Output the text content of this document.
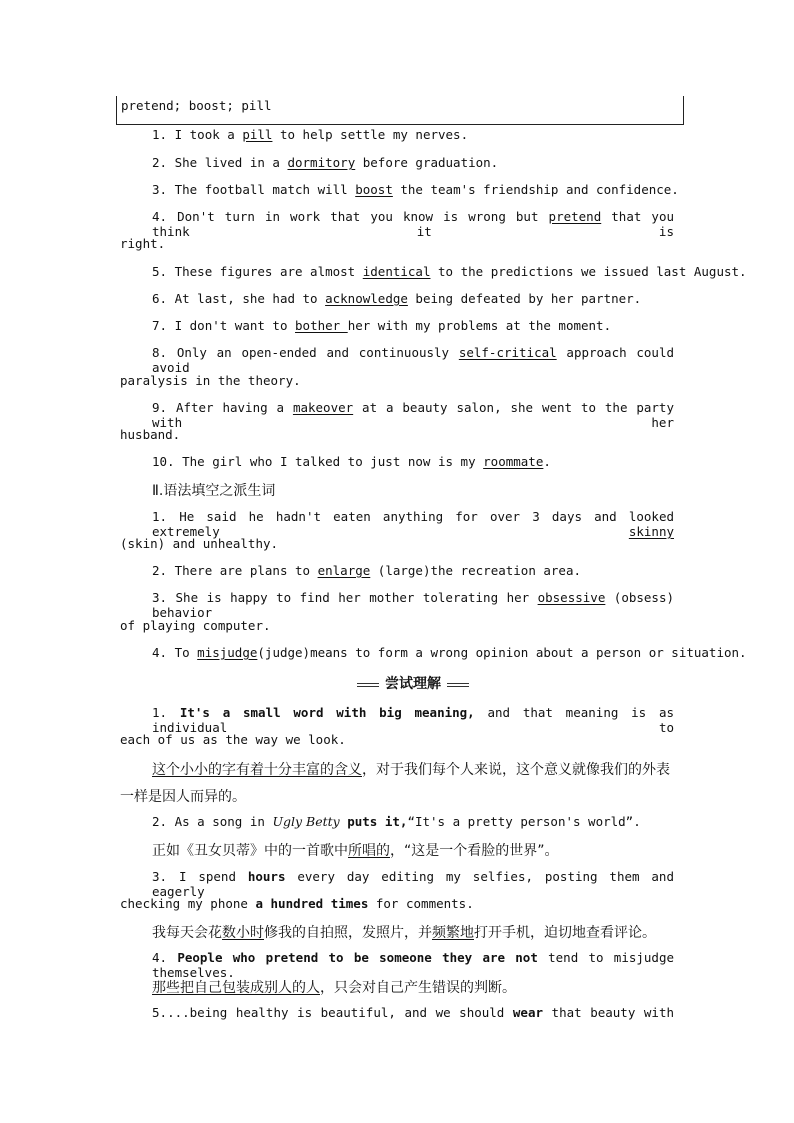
pretend; boost; pill
1. I took a pill to help settle my nerves.
2. She lived in a dormitory before graduation.
3. The football match will boost the team's friendship and confidence.
4. Don't turn in work that you know is wrong but pretend that you think it is
right.
5. These figures are almost identical to the predictions we issued last August.
6. At last, she had to acknowledge being defeated by her partner.
7. I don't want to bother her with my problems at the moment.
8. Only an open-ended and continuously self-critical approach could avoid
paralysis in the theory.
9. After having a makeover at a beauty salon, she went to the party with her
husband.
10. The girl who I talked to just now is my roommate.
Ⅱ.语法填空之派生词
1. He said he hadn't eaten anything for over 3 days and looked extremely skinny
(skin) and unhealthy.
2. There are plans to enlarge (large)the recreation area.
3. She is happy to find her mother tolerating her obsessive (obsess) behavior
of playing computer.
4. To misjudge(judge)means to form a wrong opinion about a person or situation.
尝试理解
1. It's a small word with big meaning, and that meaning is as individual to
each of us as the way we look.
这个小小的字有着十分丰富的含义，对于我们每个人来说，这个意义就像我们的外表
一样是因人而异的。
2. As a song in Ugly Betty puts it,“It's a pretty person's world”.
正如《丑女贝蒂》中的一首歌中所唱的，“这是一个看脸的世界”。
3. I spend hours every day editing my selfies, posting them and eagerly
checking my phone a hundred times for comments.
我每天会花数小时修我的自拍照，发照片，并频繁地打开手机，迫切地查看评论。
4. People who pretend to be someone they are not tend to misjudge themselves.
那些把自己包装成别人的人，只会对自己产生错误的判断。
5....being healthy is beautiful, and we should wear that beauty with
